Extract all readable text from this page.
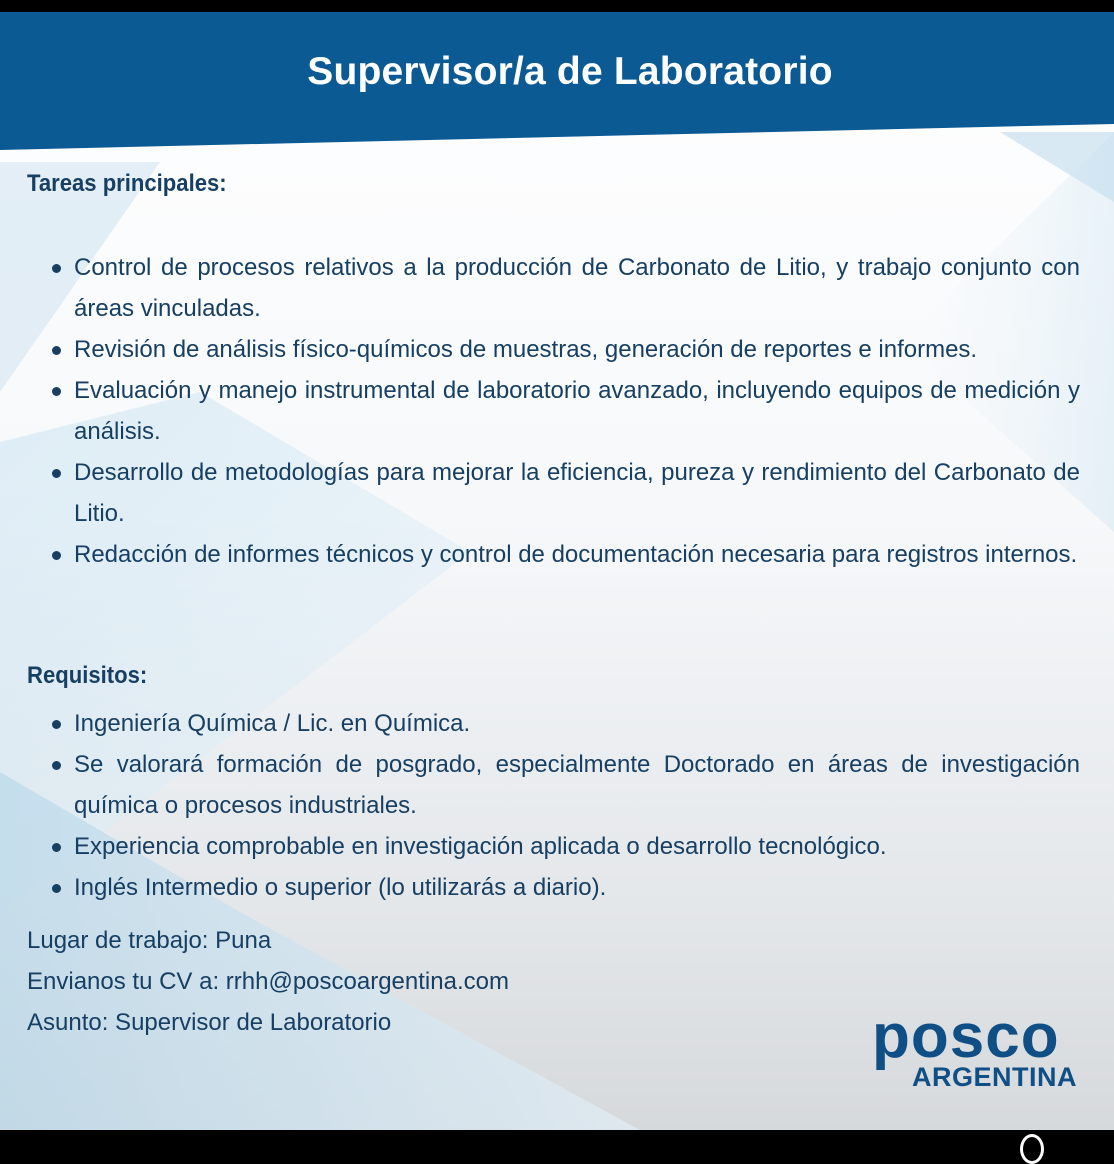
Supervisor/a de Laboratorio
Tareas principales:
Control de procesos relativos a la producción de Carbonato de Litio, y trabajo conjunto con áreas vinculadas.
Revisión de análisis físico-químicos de muestras, generación de reportes e informes.
Evaluación y manejo instrumental de laboratorio avanzado, incluyendo equipos de medición y análisis.
Desarrollo de metodologías para mejorar la eficiencia, pureza y rendimiento del Carbonato de Litio.
Redacción de informes técnicos y control de documentación necesaria para registros internos.
Requisitos:
Ingeniería Química / Lic. en Química.
Se valorará formación de posgrado, especialmente Doctorado en áreas de investigación química o procesos industriales.
Experiencia comprobable en investigación aplicada o desarrollo tecnológico.
Inglés Intermedio o superior (lo utilizarás a diario).
Lugar de trabajo: Puna
Envianos tu CV a: rrhh@poscoargentina.com
Asunto: Supervisor de Laboratorio	posco
ARGENTINA
